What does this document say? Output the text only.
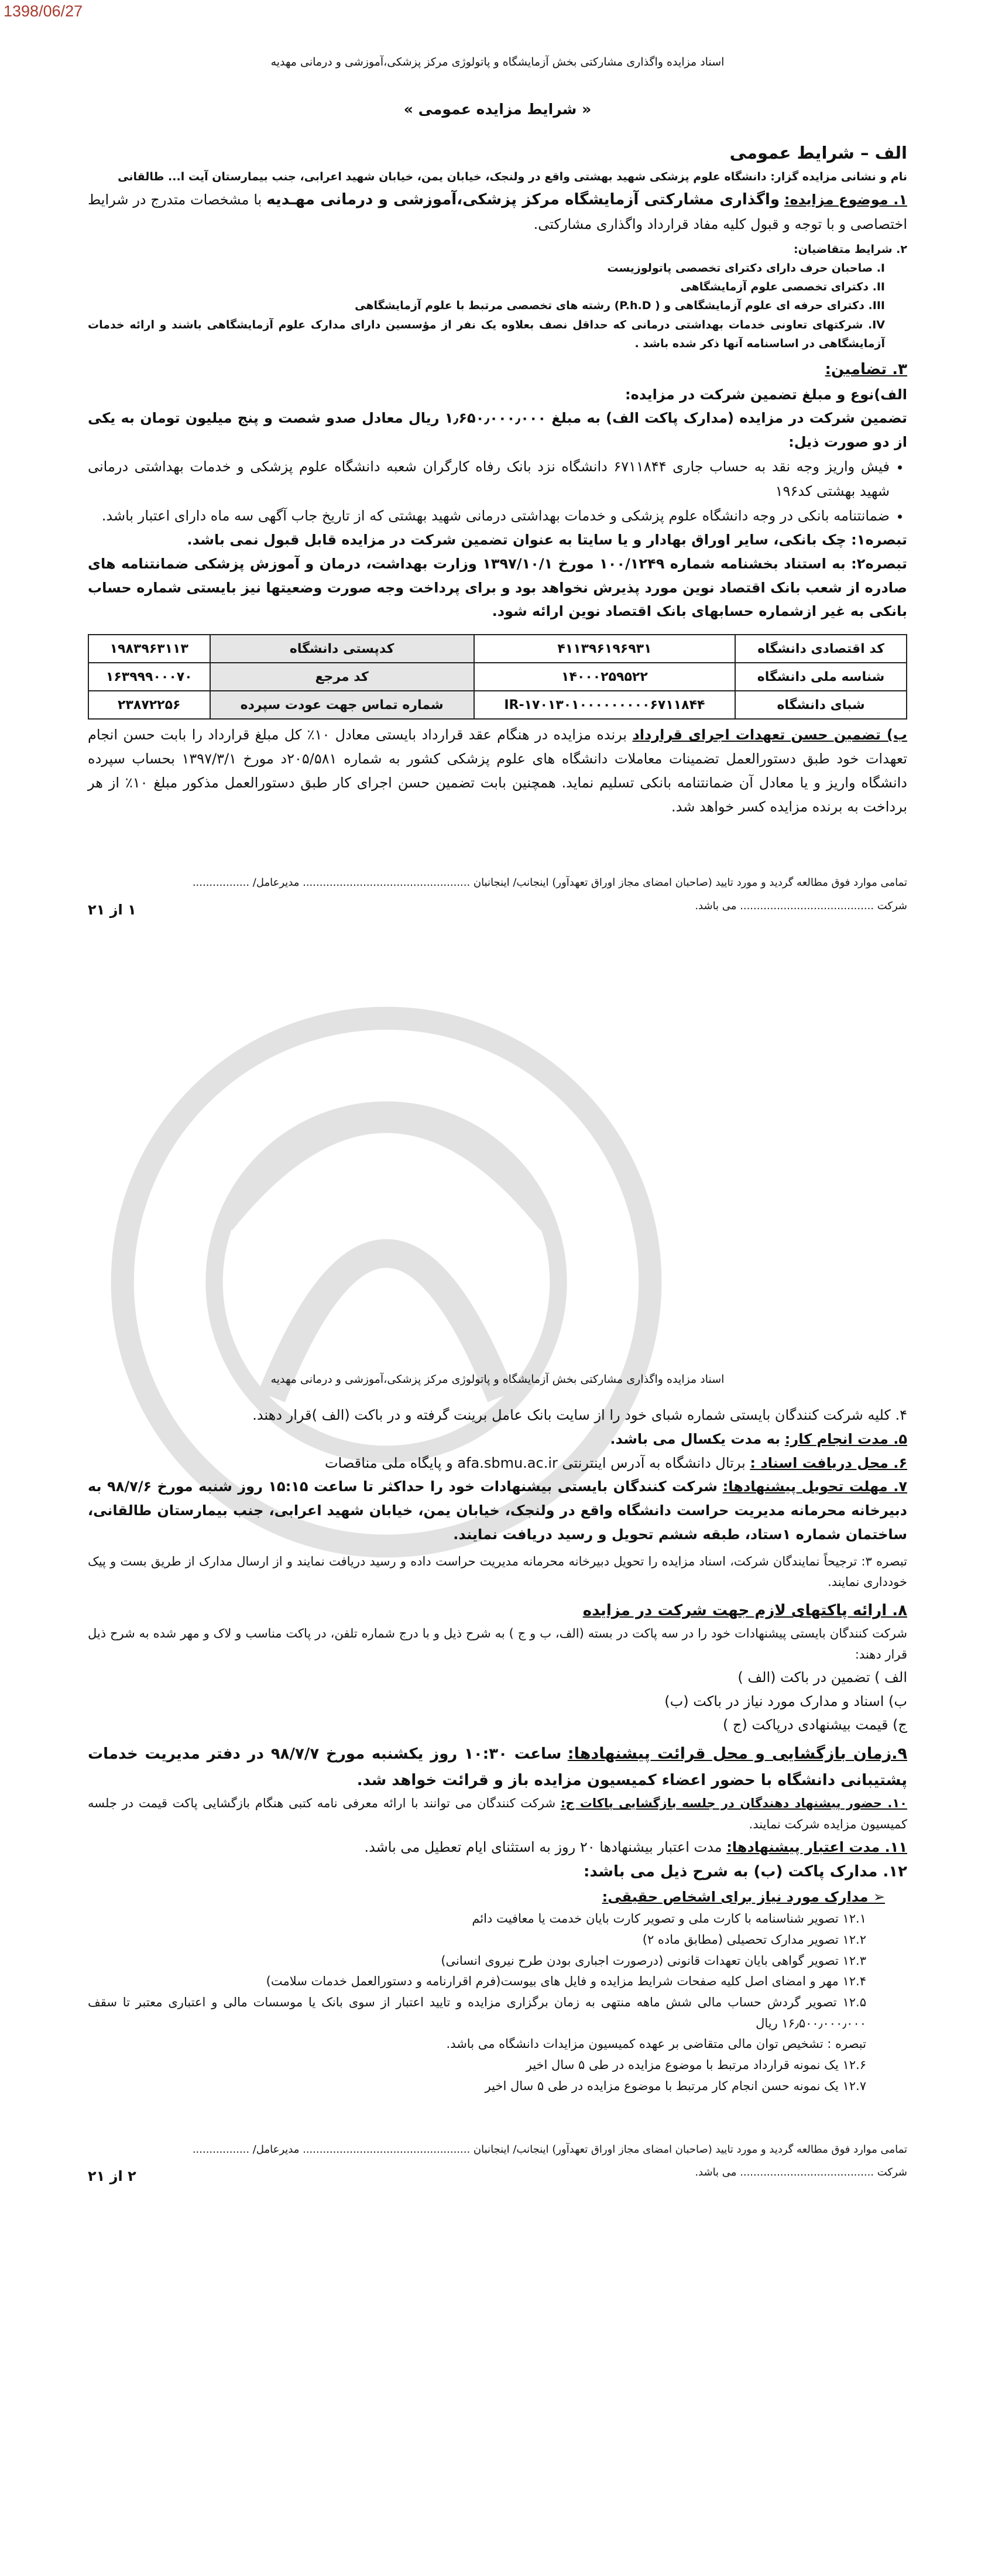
1398/06/27
اسناد مزایده واگذاری مشارکتی بخش آزمایشگاه و پاتولوژی مرکز پزشکی،آموزشی و درمانی مهدیه
« شرایط مزایده عمومی »

الف – شرایط عمومی

نام و نشانی مزایده گزار: دانشگاه علوم پزشکی شهید بهشتی واقع در ولنجک، خیابان یمن، خیابان شهید اعرابی، جنب بیمارستان آیت ا... طالقانی

۱. موضوع مزایده: واگذاری مشارکتی آزمایشگاه مرکز پزشکی،آموزشی و درمانی مهـدیه با مشخصات متدرج در شرایط اختصاصی و با توجه و قبول کلیه مفاد قرارداد واگذاری مشارکتی.

۲. شرایط متقاضیان:

I. صاحبان حرف دارای دکترای تخصصی پاتولوزیست

II. دکترای تخصصی علوم آزمایشگاهی

III. دکترای حرفه ای علوم آزمایشگاهی و ( P.h.D) رشته های تخصصی مرتبط با علوم آزمایشگاهی

IV. شرکتهای تعاونی خدمات بهداشتی درمانی که حداقل نصف بعلاوه یک نفر از مؤسسین دارای مدارک علوم آزمایشگاهی باشند و ارائه خدمات آزمایشگاهی در اساسنامه آنها ذکر شده باشد .

۳. تضامین:

الف)نوع و مبلغ تضمین شرکت در مزایده:

تضمین شرکت در مزایده (مدارک پاکت الف) به مبلغ ۱٫۶۵۰٫۰۰۰٫۰۰۰ ریال معادل صدو شصت و پنج میلیون تومان به یکی از دو صورت ذیل:

• فیش واریز وجه نقد به حساب جاری ۶۷۱۱۸۴۴ دانشگاه نزد بانک رفاه کارگران شعبه دانشگاه علوم پزشکی و خدمات بهداشتی درمانی شهید بهشتی کد۱۹۶
• ضمانتنامه بانکی در وجه دانشگاه علوم پزشکی و خدمات بهداشتی درمانی شهید بهشتی که از تاریخ جاب آگهی سه ماه دارای اعتبار باشد.

تبصره۱: چک بانکی، سایر اوراق بهادار و یا سایتا به عنوان تضمین شرکت در مزایده قابل قبول نمی باشد.

تبصره۲: به استناد بخشنامه شماره ۱۰۰/۱۲۴۹ مورخ ۱۳۹۷/۱۰/۱ وزارت بهداشت، درمان و آموزش پزشکی ضمانتنامه های صادره از شعب بانک اقتصاد نوین مورد پذیرش نخواهد بود و برای پرداخت وجه صورت وضعیتها نیز بایستی شماره حساب بانکی به غیر ازشماره حسابهای بانک اقتصاد نوین ارائه شود.

کد اقتصادی دانشگاه	۴۱۱۳۹۶۱۹۶۹۳۱	کدپستی دانشگاه	۱۹۸۳۹۶۳۱۱۳
شناسه ملی دانشگاه	۱۴۰۰۰۲۵۹۵۲۲	کد مرجع	۱۶۳۹۹۹۰۰۰۷۰
شبای دانشگاه	IR-۱۷۰۱۳۰۱۰۰۰۰۰۰۰۰۰۶۷۱۱۸۴۴	شماره تماس جهت عودت سپرده	۲۳۸۷۲۲۵۶

ب) تضمین حسن تعهدات اجرای قرارداد برنده مزایده در هنگام عقد قرارداد بایستی معادل ۱۰٪ کل مبلغ قرارداد را بابت حسن انجام تعهدات خود طبق دستورالعمل تضمینات معاملات دانشگاه های علوم پزشکی کشور به شماره ۲۰۵/۵۸۱د مورخ ۱۳۹۷/۳/۱ بحساب سپرده دانشگاه واریز و یا معادل آن ضمانتنامه بانکی تسلیم نماید. همچنین بابت تضمین حسن اجرای کار طبق دستورالعمل مذکور مبلغ ۱۰٪ از هر برداخت به برنده مزایده کسر خواهد شد.

تمامی موارد فوق مطالعه گردید و مورد تایید (صاحبان امضای مجاز اوراق تعهدآور) اینجانب/ اینجانبان .................................................. مدیرعامل/ .................
شرکت ........................................ می باشد.
۱ از ۲۱
اسناد مزایده واگذاری مشارکتی بخش آزمایشگاه و پاتولوژی مرکز پزشکی،آموزشی و درمانی مهدیه

۴. کلیه شرکت کنندگان بایستی شماره شبای خود را از سایت بانک عامل برینت گرفته و در باکت (الف )قرار دهند.

۵. مدت انجام کار: به مدت یکسال می باشد.

۶. محل دریافت اسناد : برتال دانشگاه به آدرس اینترنتی afa.sbmu.ac.ir و پایگاه ملی مناقصات

۷. مهلت تحویل پیشنهادها: شرکت کنندگان بایستی بیشنهادات خود را حداکثر تا ساعت ۱۵:۱۵ روز شنبه مورخ ۹۸/۷/۶ به دبیرخانه محرمانه مدیریت حراست دانشگاه واقع در ولنجک، خیابان یمن، خیابان شهید اعرابی، جنب بیمارستان طالقانی، ساختمان شماره ۱ستاد، طبقه ششم تحویل و رسید دریافت نمایند.

تبصره ۳: ترجیحاً نمایندگان شرکت، اسناد مزایده را تحویل دبیرخانه محرمانه مدیریت حراست داده و رسید دریافت نمایند و از ارسال مدارک از طریق بست و پیک خودداری نمایند.

۸. ارائه پاکتهای لازم جهت شرکت در مزایده

شرکت کنندگان بایستی پیشنهادات خود را در سه پاکت در بسته (الف، ب و ج ) به شرح ذیل و با درج شماره تلفن، در پاکت مناسب و لاک و مهر شده به شرح ذیل قرار دهند:

الف ) تضمین در باکت (الف )

ب) اسناد و مدارک مورد نیاز در باکت (ب)

ج) قیمت بیشنهادی درپاکت (ج )

۹.زمان بازگشایی و محل قرائت پیشنهادها: ساعت ۱۰:۳۰ روز یکشنبه مورخ ۹۸/۷/۷ در دفتر مدیریت خدمات پشتیبانی دانشگاه با حضور اعضاء کمیسیون مزایده باز و قرائت خواهد شد.

۱۰. حضور پیشنهاد دهندگان در جلسه بازگشایی پاکات ج: شرکت کنندگان می توانند با ارائه معرفی نامه کتبی هنگام بازگشایی پاکت قیمت در جلسه کمیسیون مزایده شرکت نمایند.

۱۱. مدت اعتبار پیشنهادها: مدت اعتبار بیشنهادها ۲۰ روز به استثنای ایام تعطیل می باشد.

۱۲. مدارک پاکت (ب) به شرح ذیل می باشد:

➢ مدارک مورد نیاز برای اشخاص حقیقی:

۱۲.۱ تصویر شناسنامه با کارت ملی و تصویر کارت بایان خدمت یا معافیت دائم

۱۲.۲ تصویر مدارک تحصیلی (مطابق ماده ۲)

۱۲.۳ تصویر گواهی بایان تعهدات قانونی (درصورت اجباری بودن طرح نیروی انسانی)

۱۲.۴ مهر و امضای اصل کلیه صفحات شرایط مزایده و فایل های بیوست(فرم اقرارنامه و دستورالعمل خدمات سلامت)

۱۲.۵ تصویر گردش حساب مالی شش ماهه منتهی به زمان برگزاری مزایده و تایید اعتبار از سوی بانک یا موسسات مالی و اعتباری معتبر تا سقف ۱۶٫۵۰۰٫۰۰۰٫۰۰۰ ریال

تبصره : تشخیص توان مالی متقاضی بر عهده کمیسیون مزایدات دانشگاه می باشد.

۱۲.۶ یک نمونه قرارداد مرتبط با موضوع مزایده در طی ۵ سال اخیر

۱۲.۷ یک نمونه حسن انجام کار مرتبط با موضوع مزایده در طی ۵ سال اخیر

تمامی موارد فوق مطالعه گردید و مورد تایید (صاحبان امضای مجاز اوراق تعهدآور) اینجانب/ اینجانبان .................................................. مدیرعامل/ .................
شرکت ........................................ می باشد.
۲ از ۲۱
